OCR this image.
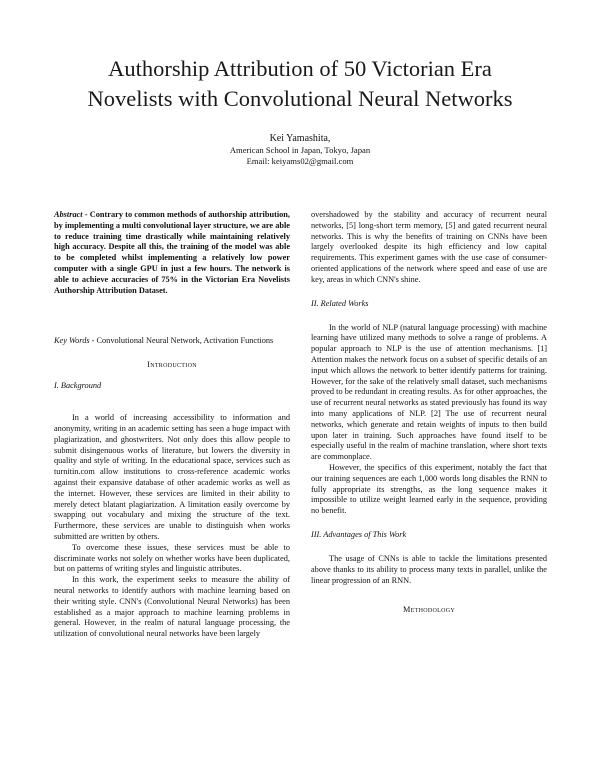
Authorship Attribution of 50 Victorian Era
Novelists with Convolutional Neural Networks
Kei Yamashita,
American School in Japan, Tokyo, Japan
Email: keiyams02@gmail.com

Abstract - Contrary to common methods of authorship attribution, by implementing a multi convolutional layer structure, we are able to reduce training time drastically while maintaining relatively high accuracy. Despite all this, the training of the model was able to be completed whilst implementing a relatively low power computer with a single GPU in just a few hours. The network is able to achieve accuracies of 75% in the Victorian Era Novelists Authorship Attribution Dataset.

Key Words - Convolutional Neural Network, Activation Functions

Introduction
I. Background

In a world of increasing accessibility to information and anonymity, writing in an academic setting has seen a huge impact with plagiarization, and ghostwriters. Not only does this allow people to submit disingenuous works of literature, but lowers the diversity in quality and style of writing. In the educational space, services such as turnitin.com allow institutions to cross-reference academic works against their expansive database of other academic works as well as the internet. However, these services are limited in their ability to merely detect blatant plagiarization. A limitation easily overcome by swapping out vocabulary and mixing the structure of the text. Furthermore, these services are unable to distinguish when works submitted are written by others.

To overcome these issues, these services must be able to discriminate works not solely on whether works have been duplicated, but on patterns of writing styles and linguistic attributes.

In this work, the experiment seeks to measure the ability of neural networks to identify authors with machine learning based on their writing style. CNN's (Convolutional Neural Networks) has been established as a major approach to machine learning problems in general. However, in the realm of natural language processing, the utilization of convolutional neural networks have been largely

overshadowed by the stability and accuracy of recurrent neural networks, [5] long-short term memory, [5] and gated recurrent neural networks. This is why the benefits of training on CNNs have been largely overlooked despite its high efficiency and low capital requirements. This experiment games with the use case of consumer-oriented applications of the network where speed and ease of use are key, areas in which CNN's shine.

II. Related Works

In the world of NLP (natural language processing) with machine learning have utilized many methods to solve a range of problems. A popular approach to NLP is the use of attention mechanisms. [1] Attention makes the network focus on a subset of specific details of an input which allows the network to better identify patterns for training. However, for the sake of the relatively small dataset, such mechanisms proved to be redundant in creating results. As for other approaches, the use of recurrent neural networks as stated previously has found its way into many applications of NLP. [2] The use of recurrent neural networks, which generate and retain weights of inputs to then build upon later in training. Such approaches have found itself to be especially useful in the realm of machine translation, where short texts are commonplace.

However, the specifics of this experiment, notably the fact that our training sequences are each 1,000 words long disables the RNN to fully appropriate its strengths, as the long sequence makes it impossible to utilize weight learned early in the sequence, providing no benefit.

III. Advantages of This Work

The usage of CNNs is able to tackle the limitations presented above thanks to its ability to process many texts in parallel, unlike the linear progression of an RNN.

Methodology
